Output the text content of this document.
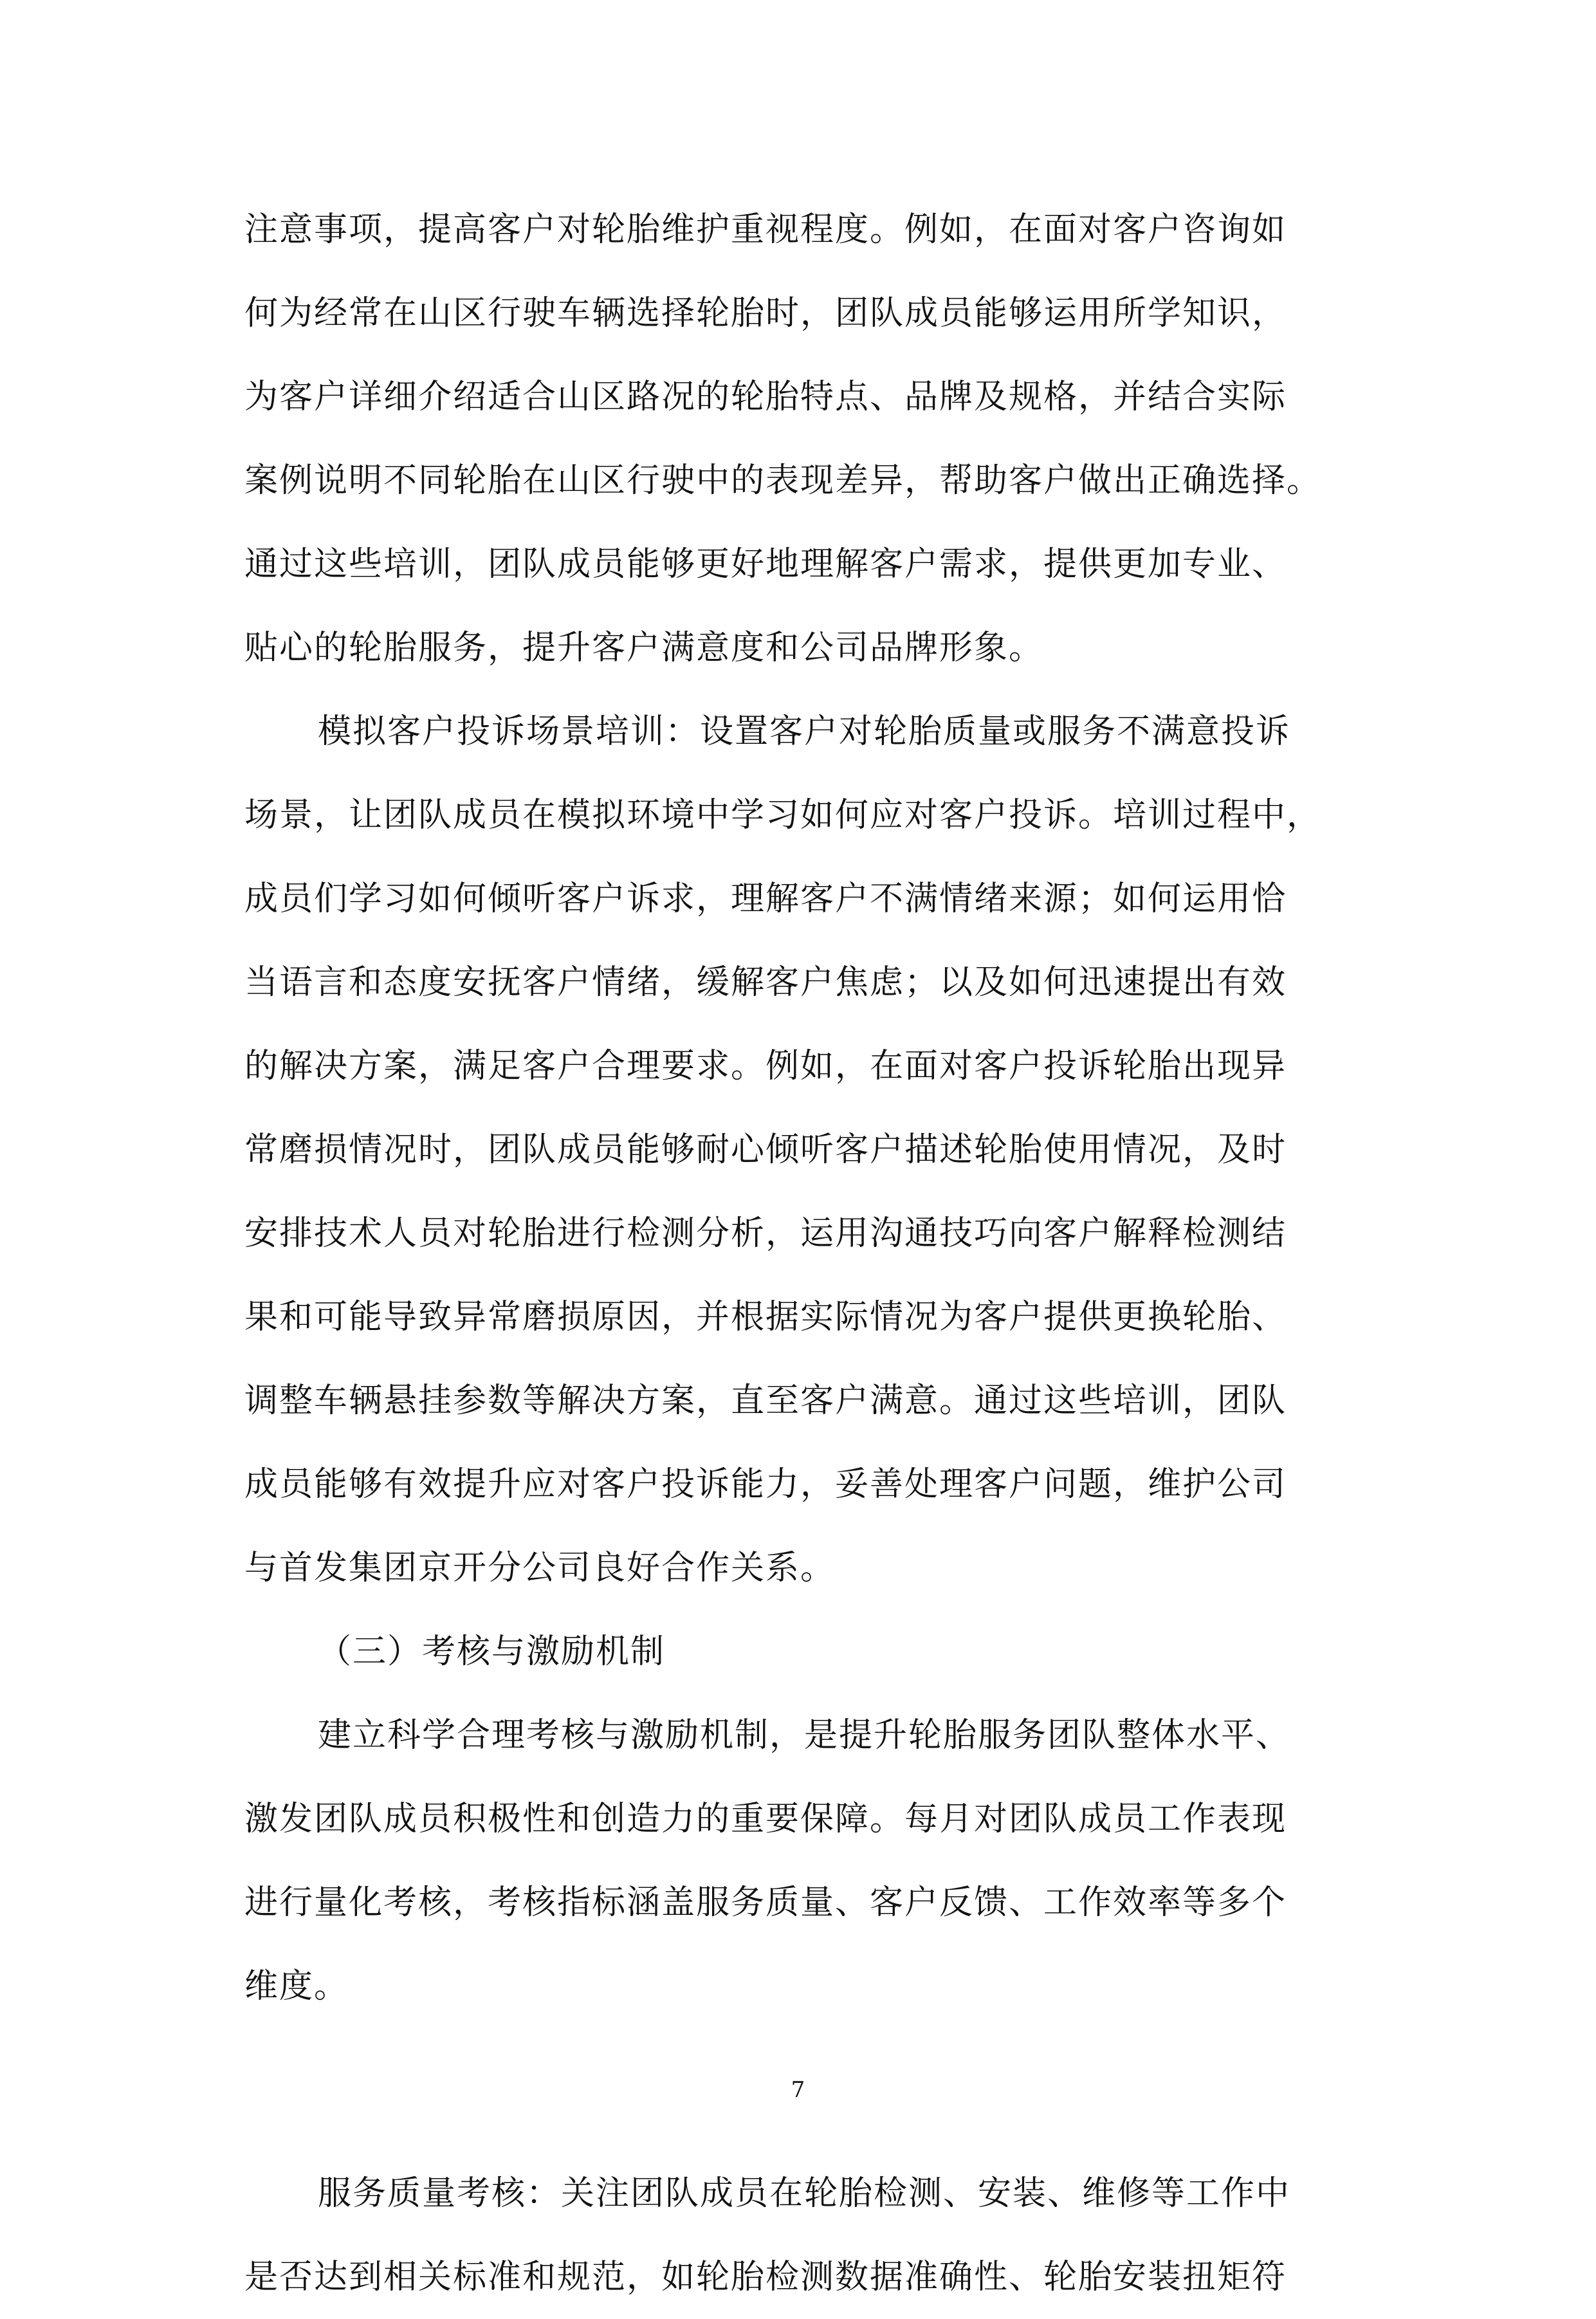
注意事项，提高客户对轮胎维护重视程度。例如，在面对客户咨询如
何为经常在山区行驶车辆选择轮胎时，团队成员能够运用所学知识，
为客户详细介绍适合山区路况的轮胎特点、品牌及规格，并结合实际
案例说明不同轮胎在山区行驶中的表现差异，帮助客户做出正确选择。
通过这些培训，团队成员能够更好地理解客户需求，提供更加专业、
贴心的轮胎服务，提升客户满意度和公司品牌形象。
模拟客户投诉场景培训：设置客户对轮胎质量或服务不满意投诉
场景，让团队成员在模拟环境中学习如何应对客户投诉。培训过程中，
成员们学习如何倾听客户诉求，理解客户不满情绪来源；如何运用恰
当语言和态度安抚客户情绪，缓解客户焦虑；以及如何迅速提出有效
的解决方案，满足客户合理要求。例如，在面对客户投诉轮胎出现异
常磨损情况时，团队成员能够耐心倾听客户描述轮胎使用情况，及时
安排技术人员对轮胎进行检测分析，运用沟通技巧向客户解释检测结
果和可能导致异常磨损原因，并根据实际情况为客户提供更换轮胎、
调整车辆悬挂参数等解决方案，直至客户满意。通过这些培训，团队
成员能够有效提升应对客户投诉能力，妥善处理客户问题，维护公司
与首发集团京开分公司良好合作关系。
（三）考核与激励机制
建立科学合理考核与激励机制，是提升轮胎服务团队整体水平、
激发团队成员积极性和创造力的重要保障。每月对团队成员工作表现
进行量化考核，考核指标涵盖服务质量、客户反馈、工作效率等多个
维度。
服务质量考核：关注团队成员在轮胎检测、安装、维修等工作中
是否达到相关标准和规范，如轮胎检测数据准确性、轮胎安装扭矩符
7
